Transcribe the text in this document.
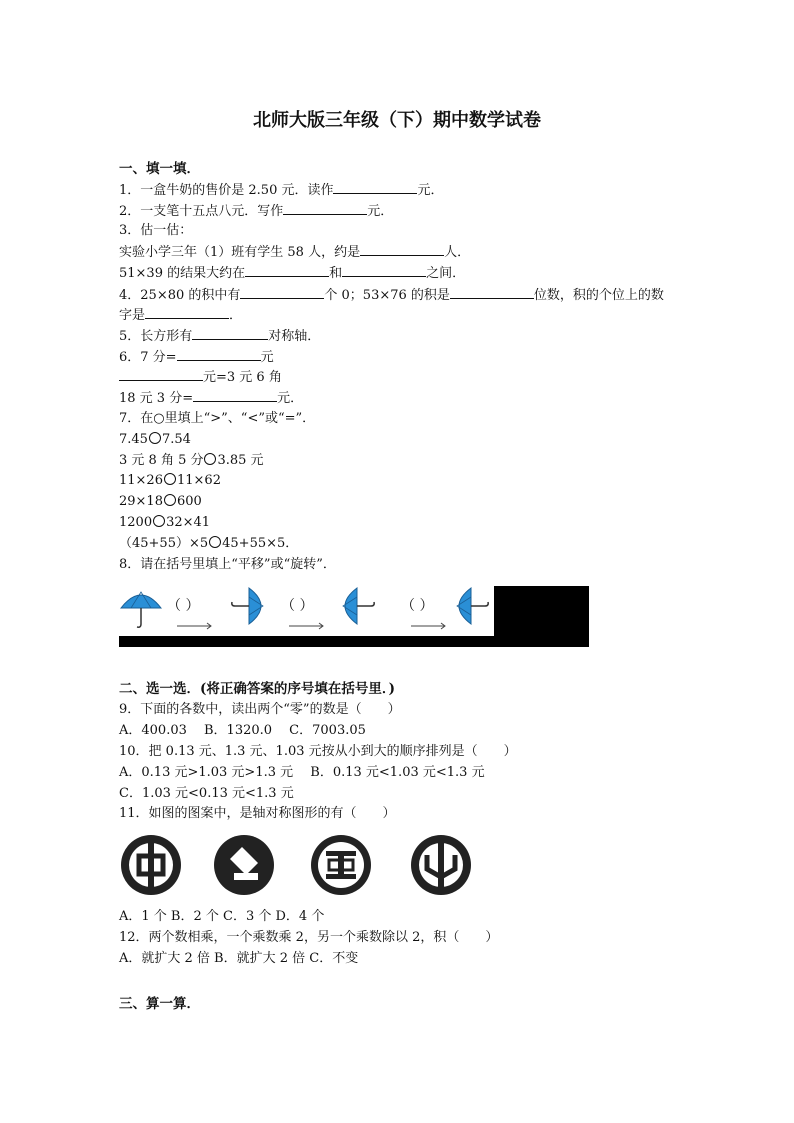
北师大版三年级（下）期中数学试卷
一、填一填．
1．一盒牛奶的售价是 2.50 元．读作	元．
2．一支笔十五点八元．写作	元．
3．估一估：
实验小学三年（1）班有学生 58 人，约是	人．
51×39 的结果大约在	和	之间．
4．25×80 的积中有	个 0；53×76 的积是	位数，积的个位上的数
字是	．
5．长方形有	对称轴．
6．7 分=	元
元=3 元 6 角
18 元 3 分=	元．
7．在○里填上“>”、“<”或“=”．
7.45 7.54
3 元 8 角 5 分 3.85 元
11×26 11×62
29×18 600
1200 32×41
（45+55）×5 45+55×5．
8．请在括号里填上“平移”或“旋转”．
（ ）	（ ）	（ ）
二、选一选．(将正确答案的序号填在括号里．)
9．下面的各数中，读出两个“零”的数是（　　）
A．400.03　 B．1320.0　 C．7003.05
10．把 0.13 元、1.3 元、1.03 元按从小到大的顺序排列是（　　）
A．0.13 元>1.03 元>1.3 元　 B．0.13 元<1.03 元<1.3 元
C．1.03 元<0.13 元<1.3 元
11．如图的图案中，是轴对称图形的有（　　）
A．1 个 B．2 个 C．3 个 D．4 个
12．两个数相乘，一个乘数乘 2，另一个乘数除以 2，积（　　）
A．就扩大 2 倍 B．就扩大 2 倍 C．不变
三、算一算．
